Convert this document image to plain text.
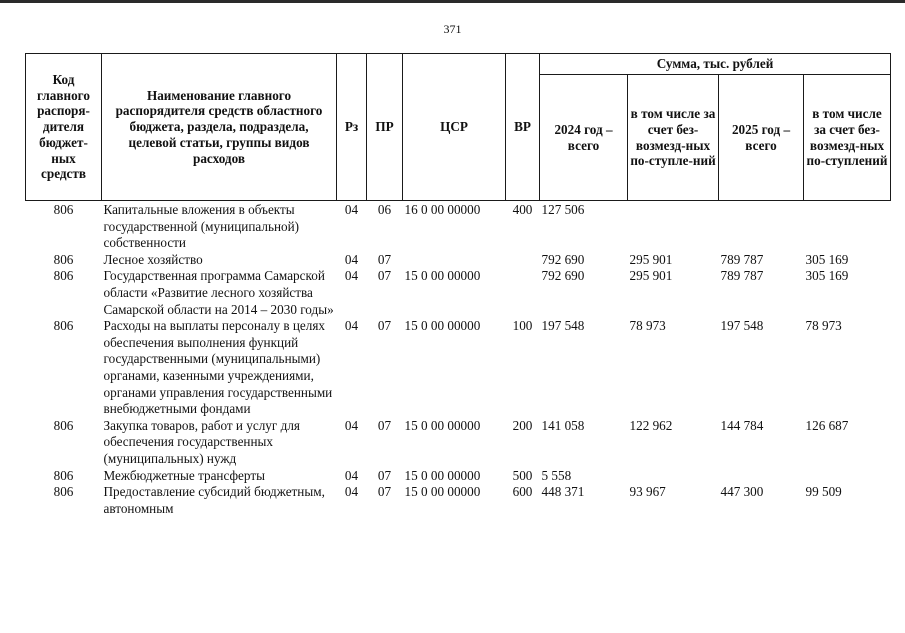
371
Код главного распоря-дителя бюджет-ных средств	Наименование главного распорядителя средств областного бюджета, раздела, подраздела, целевой статьи, группы видов расходов	Рз	ПР	ЦСР	ВР	Сумма, тыс. рублей			
						2024 год – всего	в том числе за счет без-возмезд-ных по-ступле-ний	2025 год – всего	в том числе за счет без-возмезд-ных по-ступлений
806	Капитальные вложения в объекты государственной (муниципальной) собственности	04	06	16 0 00 00000	400	127 506			
806	Лесное хозяйство	04	07			792 690	295 901	789 787	305 169
806	Государственная программа Самарской области «Развитие лесного хозяйства Самарской области на 2014 – 2030 годы»	04	07	15 0 00 00000		792 690	295 901	789 787	305 169
806	Расходы на выплаты персоналу в целях обеспечения выполнения функций государственными (муниципальными) органами, казенными учреждениями, органами управления государственными внебюджетными фондами	04	07	15 0 00 00000	100	197 548	78 973	197 548	78 973
806	Закупка товаров, работ и услуг для обеспечения государственных (муниципальных) нужд	04	07	15 0 00 00000	200	141 058	122 962	144 784	126 687
806	Межбюджетные трансферты	04	07	15 0 00 00000	500	5 558			
806	Предоставление субсидий бюджетным, автономным	04	07	15 0 00 00000	600	448 371	93 967	447 300	99 509
